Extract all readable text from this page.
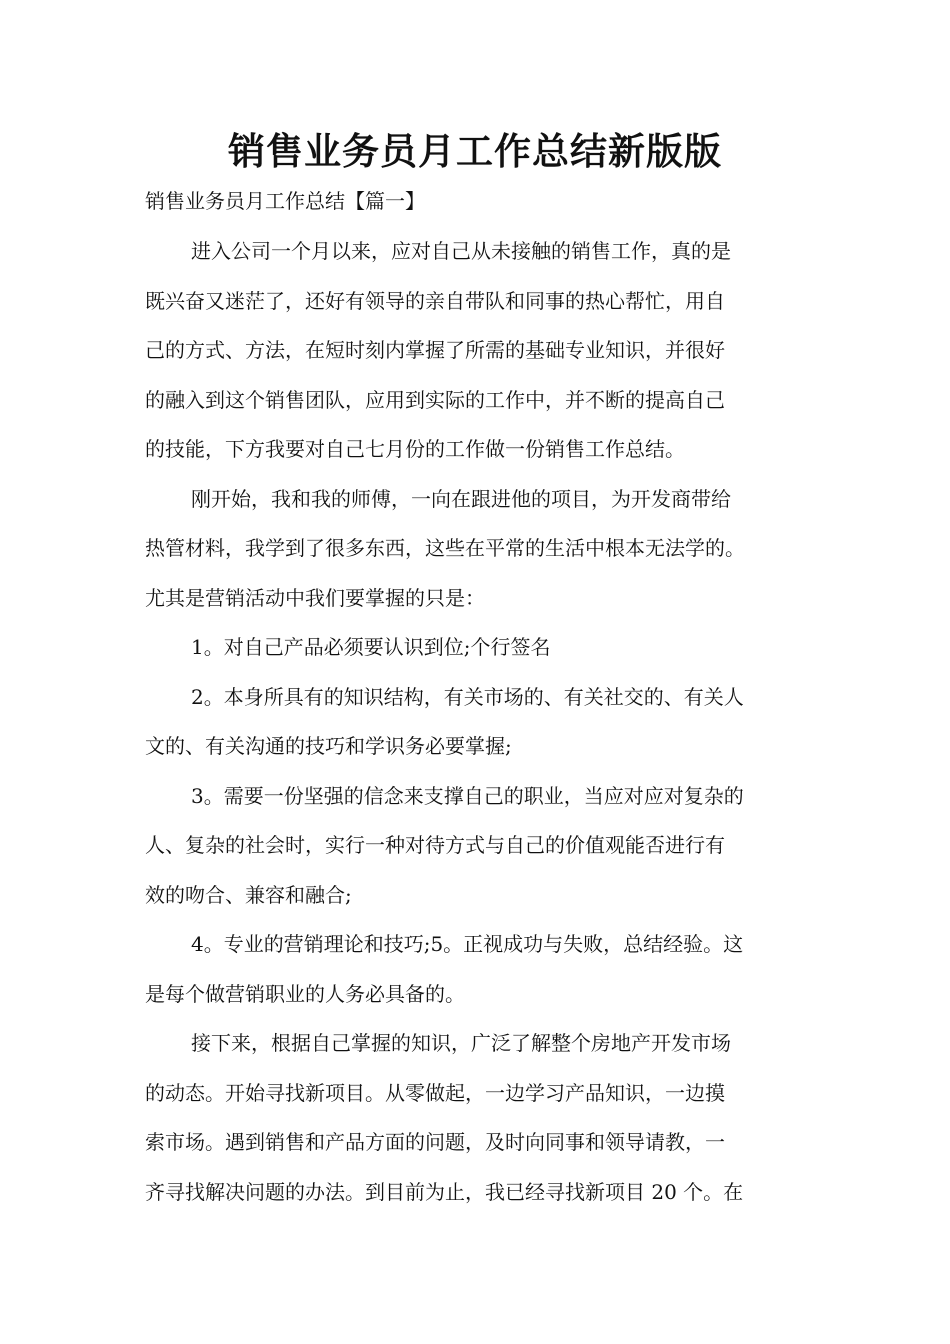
销售业务员月工作总结新版版
销售业务员月工作总结【篇一】
进入公司一个月以来，应对自己从未接触的销售工作，真的是
既兴奋又迷茫了，还好有领导的亲自带队和同事的热心帮忙，用自
己的方式、方法，在短时刻内掌握了所需的基础专业知识，并很好
的融入到这个销售团队，应用到实际的工作中，并不断的提高自己
的技能，下方我要对自己七月份的工作做一份销售工作总结。
刚开始，我和我的师傅，一向在跟进他的项目，为开发商带给
热管材料，我学到了很多东西，这些在平常的生活中根本无法学的。
尤其是营销活动中我们要掌握的只是：
1。对自己产品必须要认识到位;个行签名
2。本身所具有的知识结构，有关市场的、有关社交的、有关人
文的、有关沟通的技巧和学识务必要掌握;
3。需要一份坚强的信念来支撑自己的职业，当应对应对复杂的
人、复杂的社会时，实行一种对待方式与自己的价值观能否进行有
效的吻合、兼容和融合;
4。专业的营销理论和技巧;5。正视成功与失败，总结经验。这
是每个做营销职业的人务必具备的。
接下来，根据自己掌握的知识，广泛了解整个房地产开发市场
的动态。开始寻找新项目。从零做起，一边学习产品知识，一边摸
索市场。遇到销售和产品方面的问题，及时向同事和领导请教，一
齐寻找解决问题的办法。到目前为止，我已经寻找新项目 20 个。在
